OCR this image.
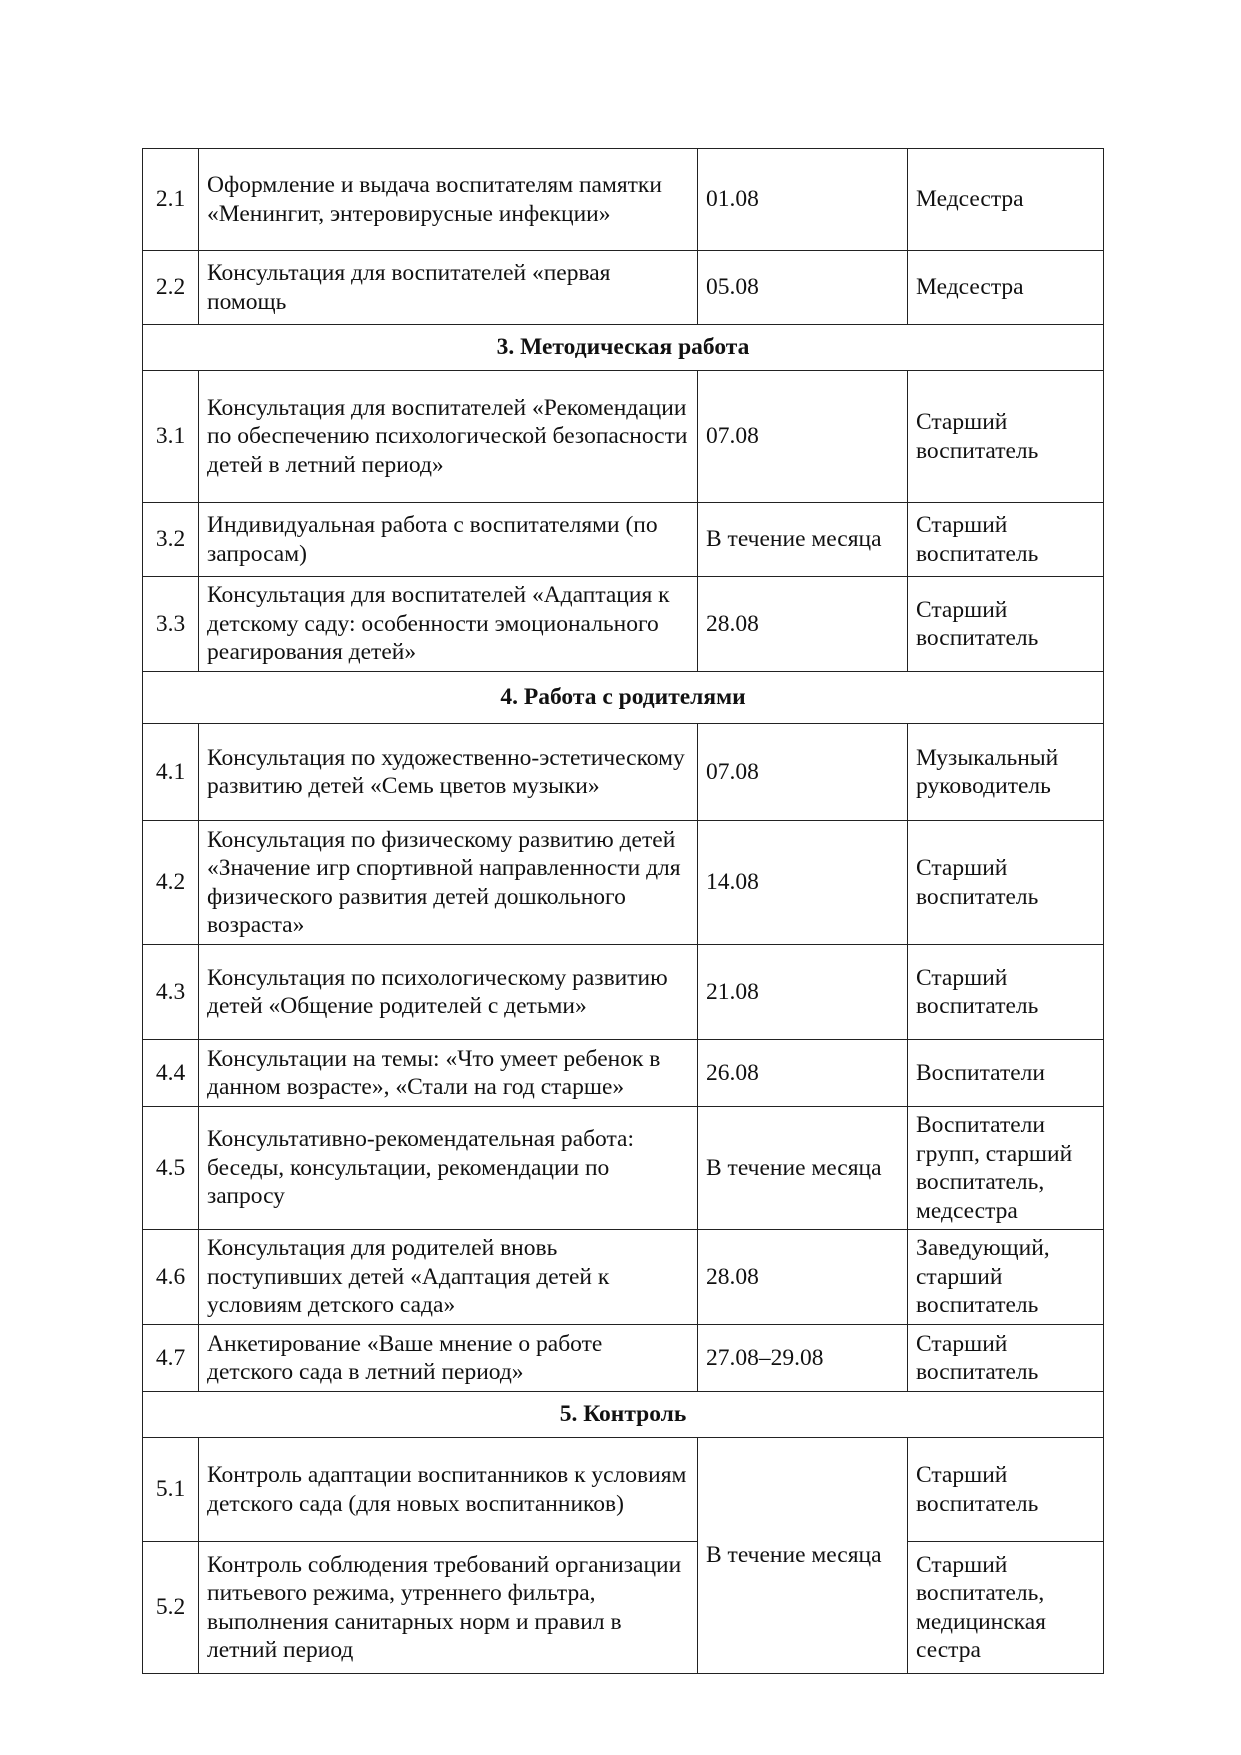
2.1	Оформление и выдача воспитателям памятки «Менингит, энтеровирусные инфекции»	01.08	Медсестра
2.2	Консультация для воспитателей «первая помощь	05.08	Медсестра
3. Методическая работа			
3.1	Консультация для воспитателей «Рекомендации по обеспечению психологической безопасности детей в летний период»	07.08	Старший воспитатель
3.2	Индивидуальная работа с воспитателями (по запросам)	В течение месяца	Старший воспитатель
3.3	Консультация для воспитателей «Адаптация к детскому саду: особенности эмоционального реагирования детей»	28.08	Старший воспитатель
4. Работа с родителями			
4.1	Консультация по художественно-эстетическому развитию детей «Семь цветов музыки»	07.08	Музыкальный руководитель
4.2	Консультация по физическому развитию детей «Значение игр спортивной направленности для физического развития детей дошкольного возраста»	14.08	Старший воспитатель
4.3	Консультация по психологическому развитию детей «Общение родителей с детьми»	21.08	Старший воспитатель
4.4	Консультации на темы: «Что умеет ребенок в данном возрасте», «Стали на год старше»	26.08	Воспитатели
4.5	Консультативно-рекомендательная работа: беседы, консультации, рекомендации по запросу	В течение месяца	Воспитатели групп, старший воспитатель, медсестра
4.6	Консультация для родителей вновь поступивших детей «Адаптация детей к условиям детского сада»	28.08	Заведующий, старший воспитатель
4.7	Анкетирование «Ваше мнение о работе детского сада в летний период»	27.08–29.08	Старший воспитатель
5. Контроль			
5.1	Контроль адаптации воспитанников к условиям детского сада (для новых воспитанников)	В течение месяца	Старший воспитатель
5.2	Контроль соблюдения требований организации питьевого режима, утреннего фильтра, выполнения санитарных норм и правил в летний период		Старший воспитатель, медицинская сестра
